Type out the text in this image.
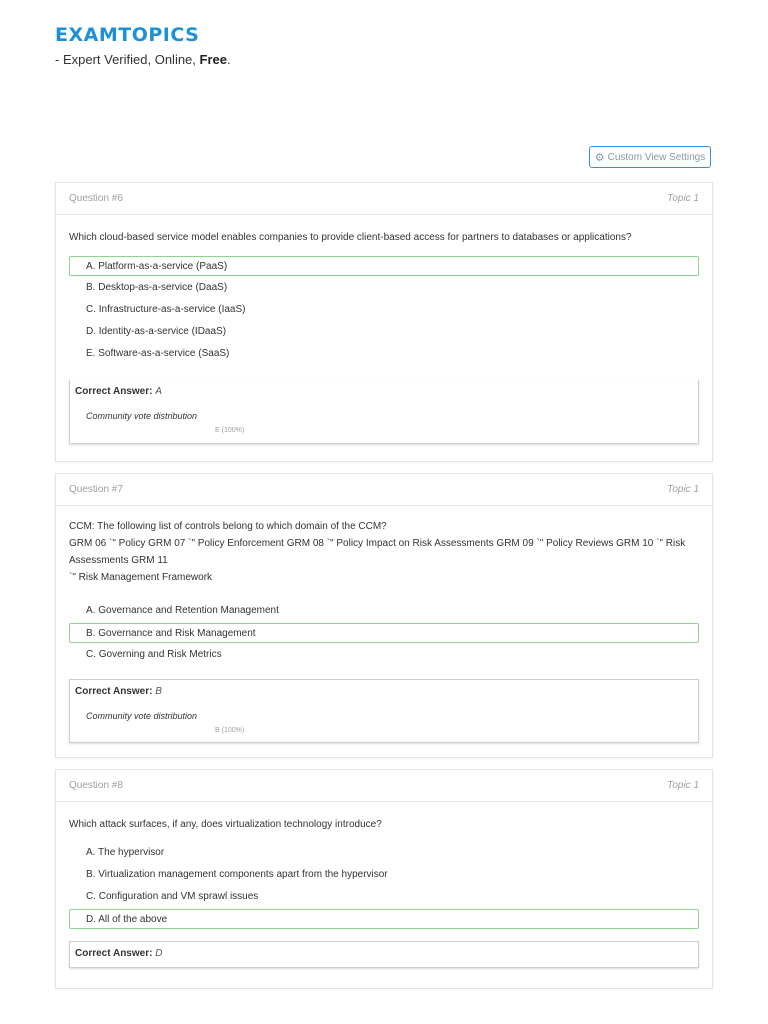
EXAMTOPICS
- Expert Verified, Online, Free.
⚙ Custom View Settings
Question #6	Topic 1
Which cloud-based service model enables companies to provide client-based access for partners to databases or applications?
A. Platform-as-a-service (PaaS)
B. Desktop-as-a-service (DaaS)
C. Infrastructure-as-a-service (IaaS)
D. Identity-as-a-service (IDaaS)
E. Software-as-a-service (SaaS)
Correct Answer: A
Community vote distribution
E (100%)
Question #7	Topic 1
CCM: The following list of controls belong to which domain of the CCM?
GRM 06 `" Policy GRM 07 `" Policy Enforcement GRM 08 `" Policy Impact on Risk Assessments GRM 09 `" Policy Reviews GRM 10 `" Risk Assessments GRM 11
`" Risk Management Framework
A. Governance and Retention Management
B. Governance and Risk Management
C. Governing and Risk Metrics
Correct Answer: B
Community vote distribution
B (100%)
Question #8	Topic 1
Which attack surfaces, if any, does virtualization technology introduce?
A. The hypervisor
B. Virtualization management components apart from the hypervisor
C. Configuration and VM sprawl issues
D. All of the above
Correct Answer: D
